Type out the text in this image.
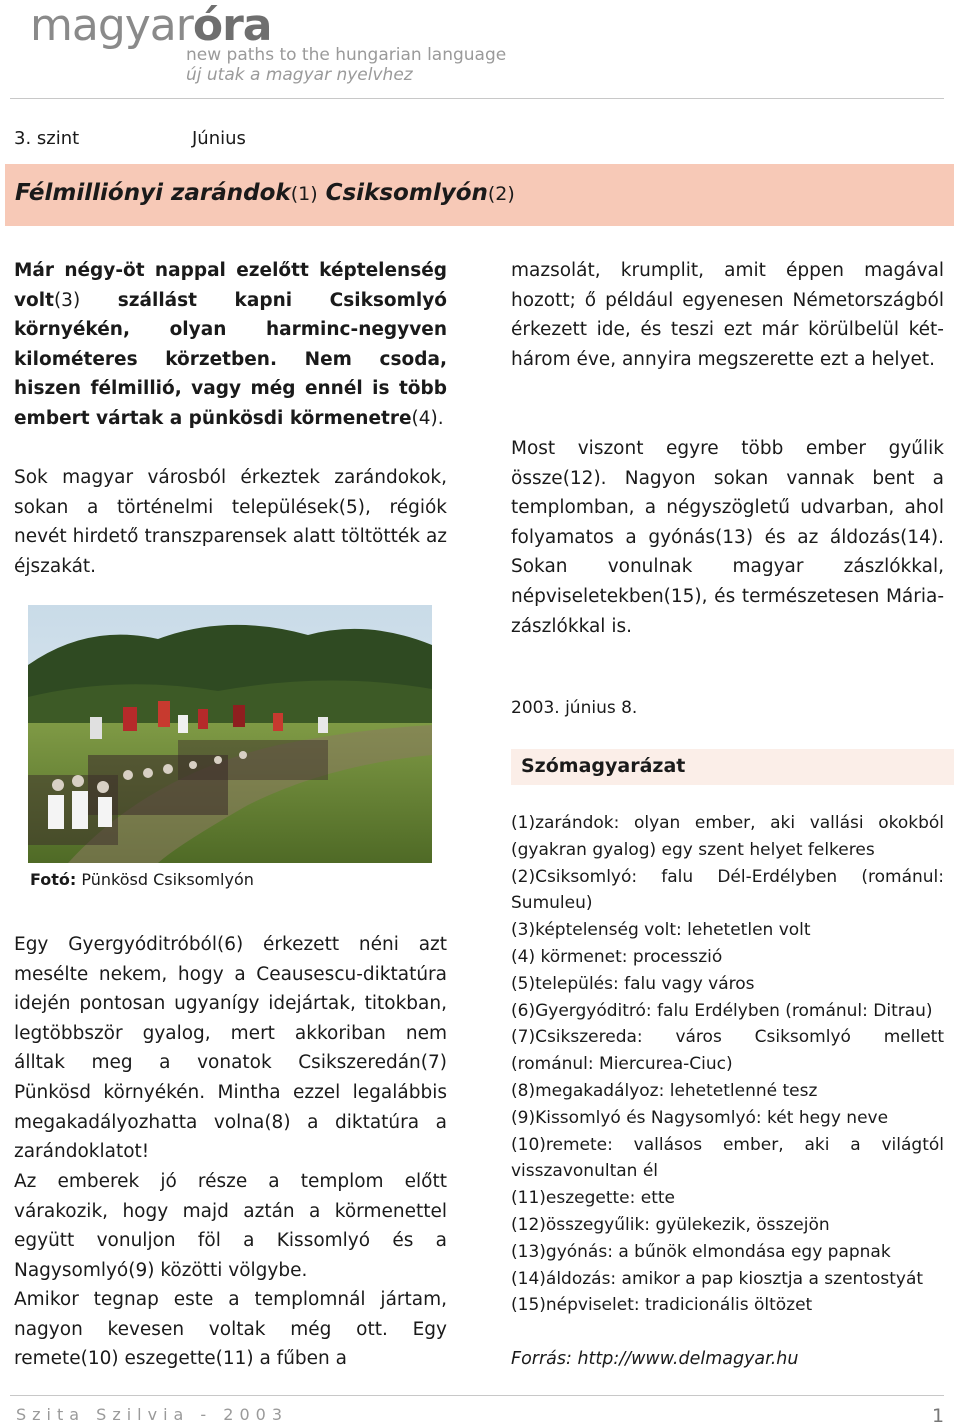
magyaróra
new paths to the hungarian language
új utak a magyar nyelvhez
3. szint	Június
Félmilliónyi zarándok(1) Csiksomlyón(2)

Már négy-öt nappal ezelőtt képtelenség volt(3) szállást kapni Csiksomlyó környékén, olyan harminc-negyven kilométeres körzetben. Nem csoda, hiszen félmillió, vagy még ennél is több embert vártak a pünkösdi körmenetre(4).

Sok magyar városból érkeztek zarándokok, sokan a történelmi települések(5), régiók nevét hirdető transzparensek alatt töltötték az éjszakát.

Fotó: Pünkösd Csiksomlyón

Egy Gyergyóditróból(6) érkezett néni azt mesélte nekem, hogy a Ceausescu-diktatúra idején pontosan ugyanígy idejártak, titokban, legtöbbször gyalog, mert akkoriban nem álltak meg a vonatok Csikszeredán(7) Pünkösd környékén. Mintha ezzel legalábbis megakadályozhatta volna(8) a diktatúra a zarándoklatot!

Az emberek jó része a templom előtt várakozik, hogy majd aztán a körmenettel együtt vonuljon föl a Kissomlyó és a Nagysomlyó(9) közötti völgybe.

Amikor tegnap este a templomnál jártam, nagyon kevesen voltak még ott. Egy remete(10) eszegette(11) a fűben a

mazsolát, krumplit, amit éppen magával hozott; ő például egyenesen Németországból érkezett ide, és teszi ezt már körülbelül két-három éve, annyira megszerette ezt a helyet.

Most viszont egyre több ember gyűlik össze(12). Nagyon sokan vannak bent a templomban, a négyszögletű udvarban, ahol folyamatos a gyónás(13) és az áldozás(14). Sokan vonulnak magyar zászlókkal, népviseletekben(15), és természetesen Mária-zászlókkal is.

2003. június 8.
Szómagyarázat
(1)zarándok: olyan ember, aki vallási okokból (gyakran gyalog) egy szent helyet felkeres
(2)Csiksomlyó: falu Dél-Erdélyben (románul: Sumuleu)
(3)képtelenség volt: lehetetlen volt
(4) körmenet: processzió
(5)település: falu vagy város
(6)Gyergyóditró: falu Erdélyben (románul: Ditrau)
(7)Csikszereda: város Csiksomlyó mellett (románul: Miercurea-Ciuc)
(8)megakadályoz: lehetetlenné tesz
(9)Kissomlyó és Nagysomlyó: két hegy neve
(10)remete: vallásos ember, aki a világtól visszavonultan él
(11)eszegette: ette
(12)összegyűlik: gyülekezik, összejön
(13)gyónás: a bűnök elmondása egy papnak
(14)áldozás: amikor a pap kiosztja a szentostyát
(15)népviselet: tradicionális öltözet
Forrás: http://www.delmagyar.hu
Szita Szilvia - 2003	1
